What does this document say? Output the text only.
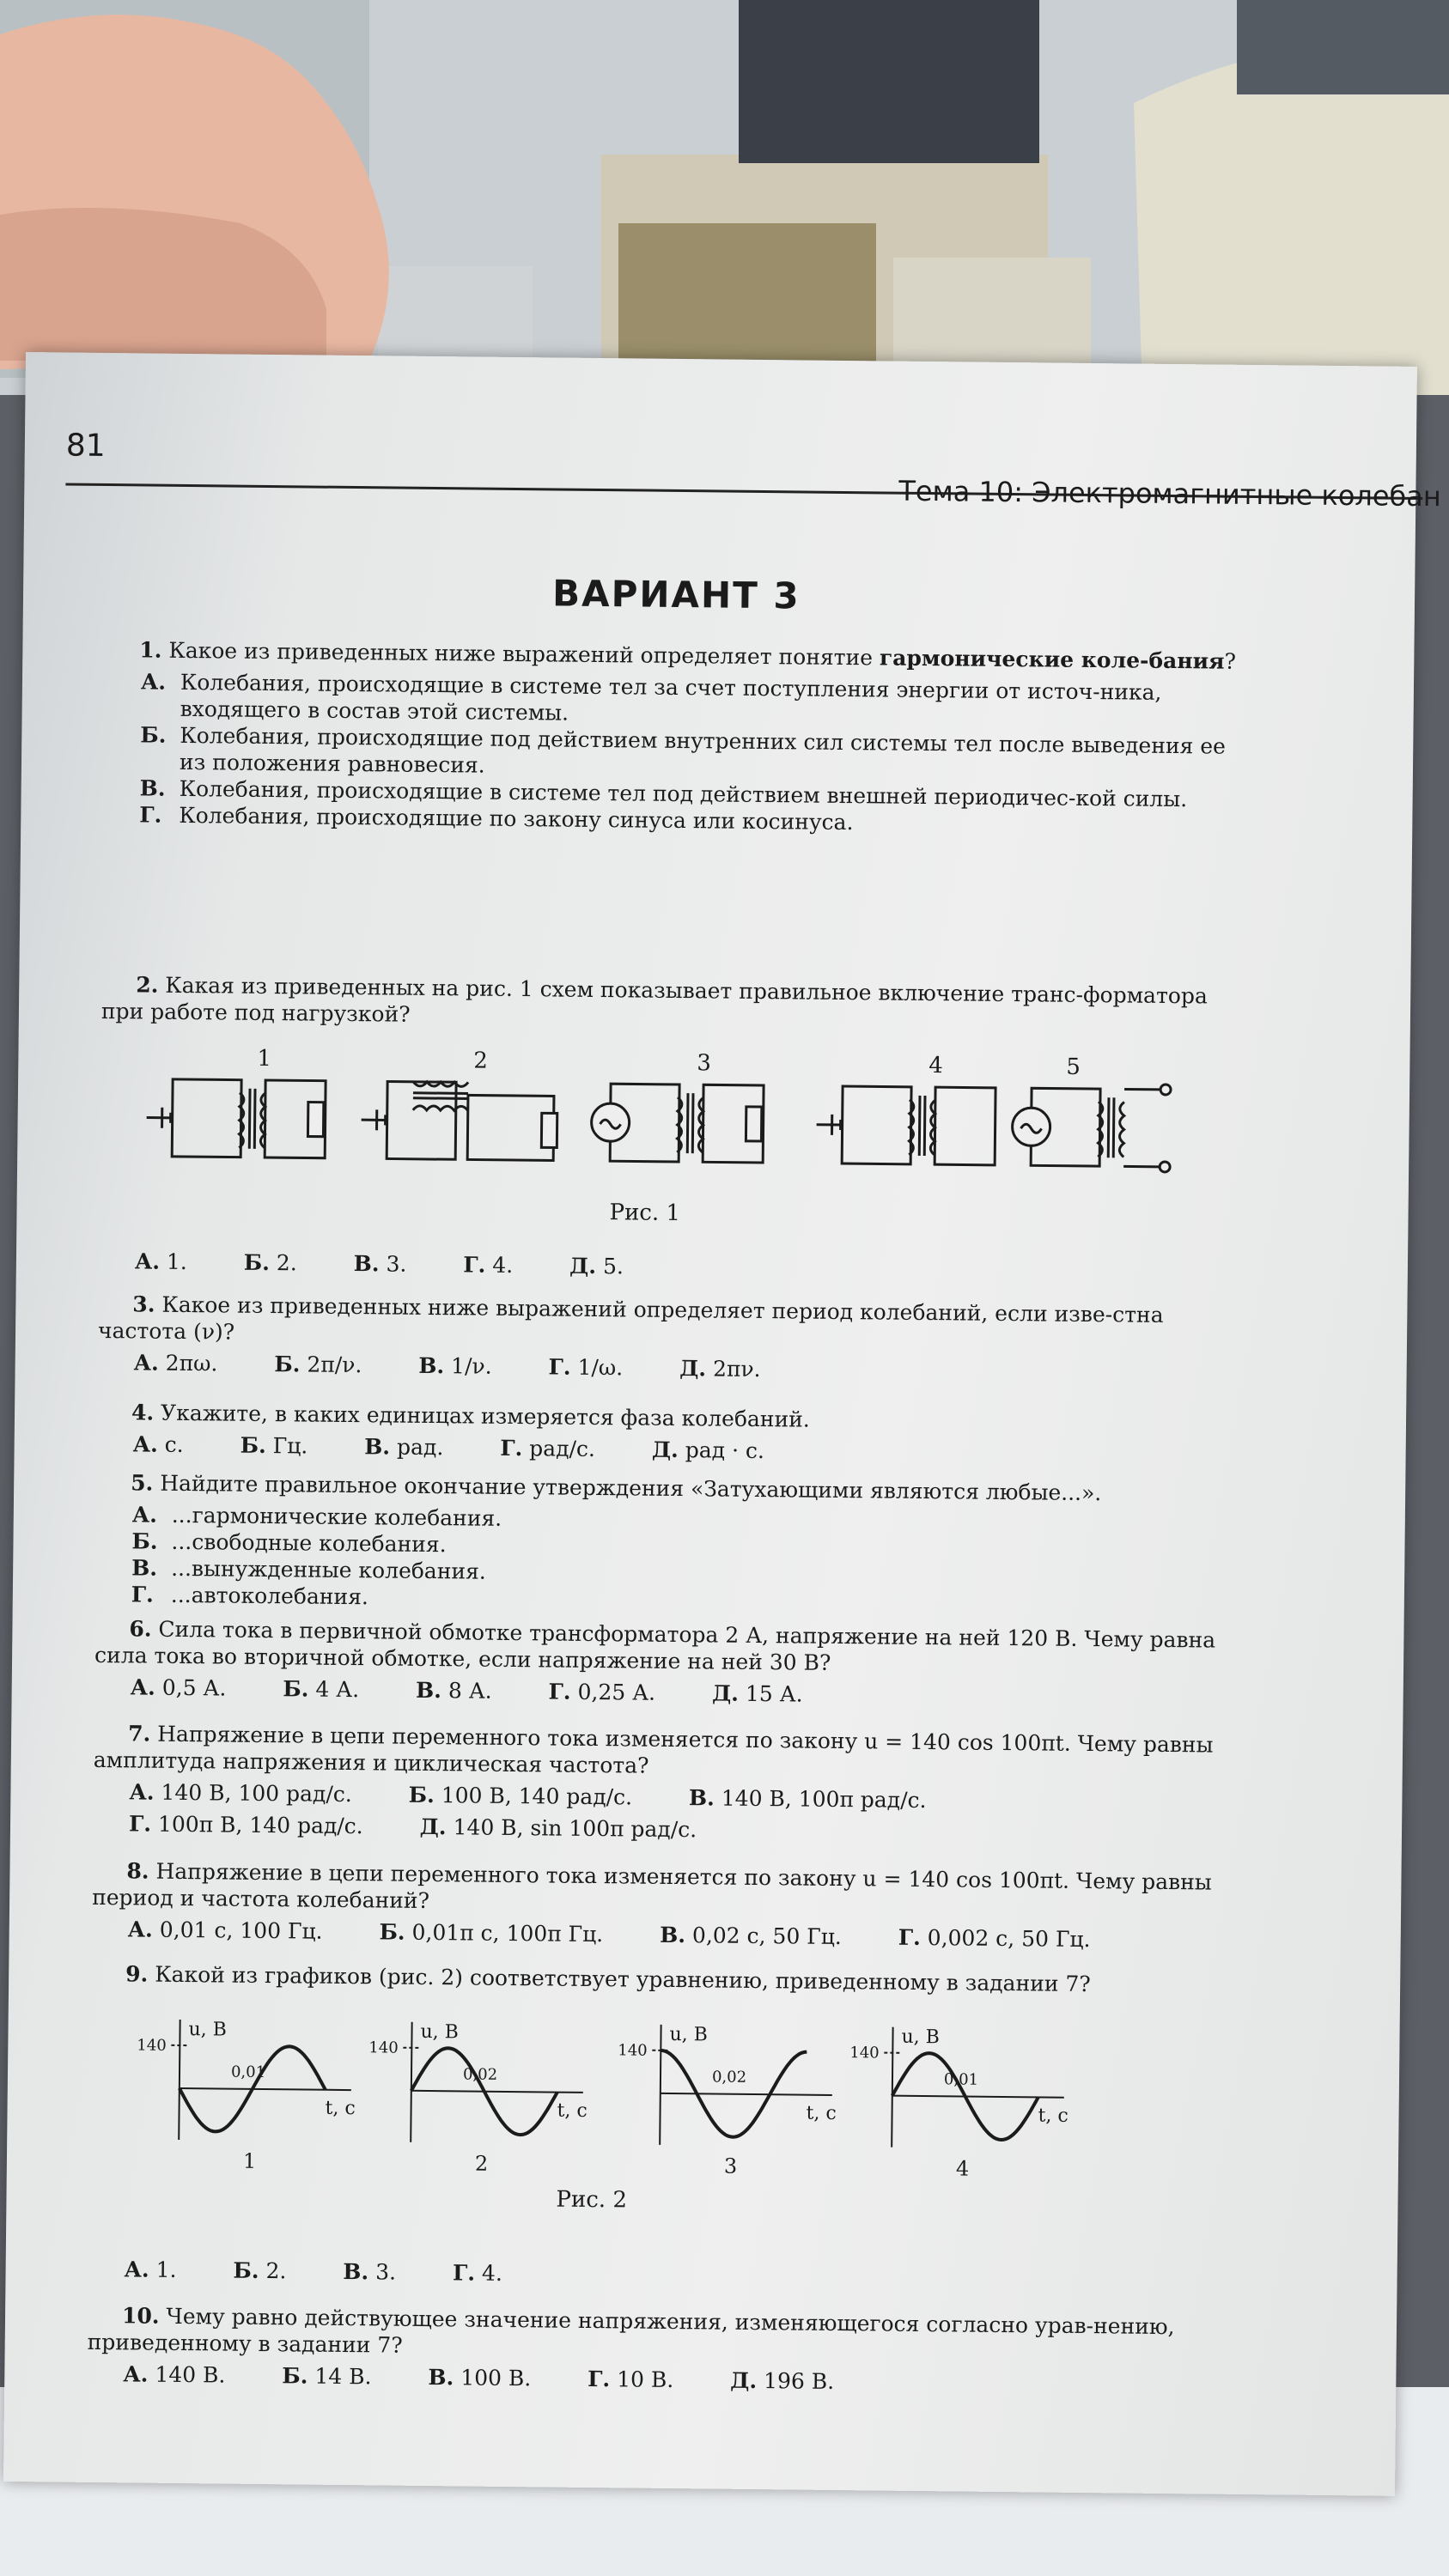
81
Тема 10: Электромагнитные колебан
ВАРИАНТ 3
1. Какое из приведенных ниже выражений определяет понятие гармонические коле-бания?
А. Колебания, происходящие в системе тел за счет поступления энергии от источ-ника, входящего в состав этой системы.
Б. Колебания, происходящие под действием внутренних сил системы тел после выведения ее из положения равновесия.
В. Колебания, происходящие в системе тел под действием внешней периодичес-кой силы.
Г. Колебания, происходящие по закону синуса или косинуса.
2. Какая из приведенных на рис. 1 схем показывает правильное включение транс-форматора при работе под нагрузкой?
1	2	3	4	5
Рис. 1
А. 1.	Б. 2.	В. 3.	Г. 4.	Д. 5.
3. Какое из приведенных ниже выражений определяет период колебаний, если изве-стна частота (ν)?
А. 2πω.	Б. 2π/ν.	В. 1/ν.	Г. 1/ω.	Д. 2πν.
4. Укажите, в каких единицах измеряется фаза колебаний.
А. с.	Б. Гц.	В. рад.	Г. рад/с.	Д. рад · с.
5. Найдите правильное окончание утверждения «Затухающими являются любые...».
А. ...гармонические колебания.
Б. ...свободные колебания.
В. ...вынужденные колебания.
Г. ...автоколебания.
6. Сила тока в первичной обмотке трансформатора 2 А, напряжение на ней 120 В. Чему равна сила тока во вторичной обмотке, если напряжение на ней 30 В?
А. 0,5 А.	Б. 4 А.	В. 8 А.	Г. 0,25 А.	Д. 15 А.
7. Напряжение в цепи переменного тока изменяется по закону u = 140 cos 100πt. Чему равны амплитуда напряжения и циклическая частота?
А. 140 В, 100 рад/с.	Б. 100 В, 140 рад/с.	В. 140 В, 100π рад/с.
Г. 100π В, 140 рад/с.	Д. 140 В, sin 100π рад/с.
8. Напряжение в цепи переменного тока изменяется по закону u = 140 cos 100πt. Чему равны период и частота колебаний?
А. 0,01 с, 100 Гц.	Б. 0,01π с, 100π Гц.	В. 0,02 с, 50 Гц.	Г. 0,002 с, 50 Гц.
9. Какой из графиков (рис. 2) соответствует уравнению, приведенному в задании 7?
140
0,01
u, В
t, с
1
140
0,02
u, В
t, с
2
140
0,02
u, В
t, с
3
140
0,01
u, В
t, с
4
Рис. 2
А. 1.	Б. 2.	В. 3.	Г. 4.
10. Чему равно действующее значение напряжения, изменяющегося согласно урав-нению, приведенному в задании 7?
А. 140 В.	Б. 14 В.	В. 100 В.	Г. 10 В.	Д. 196 В.
